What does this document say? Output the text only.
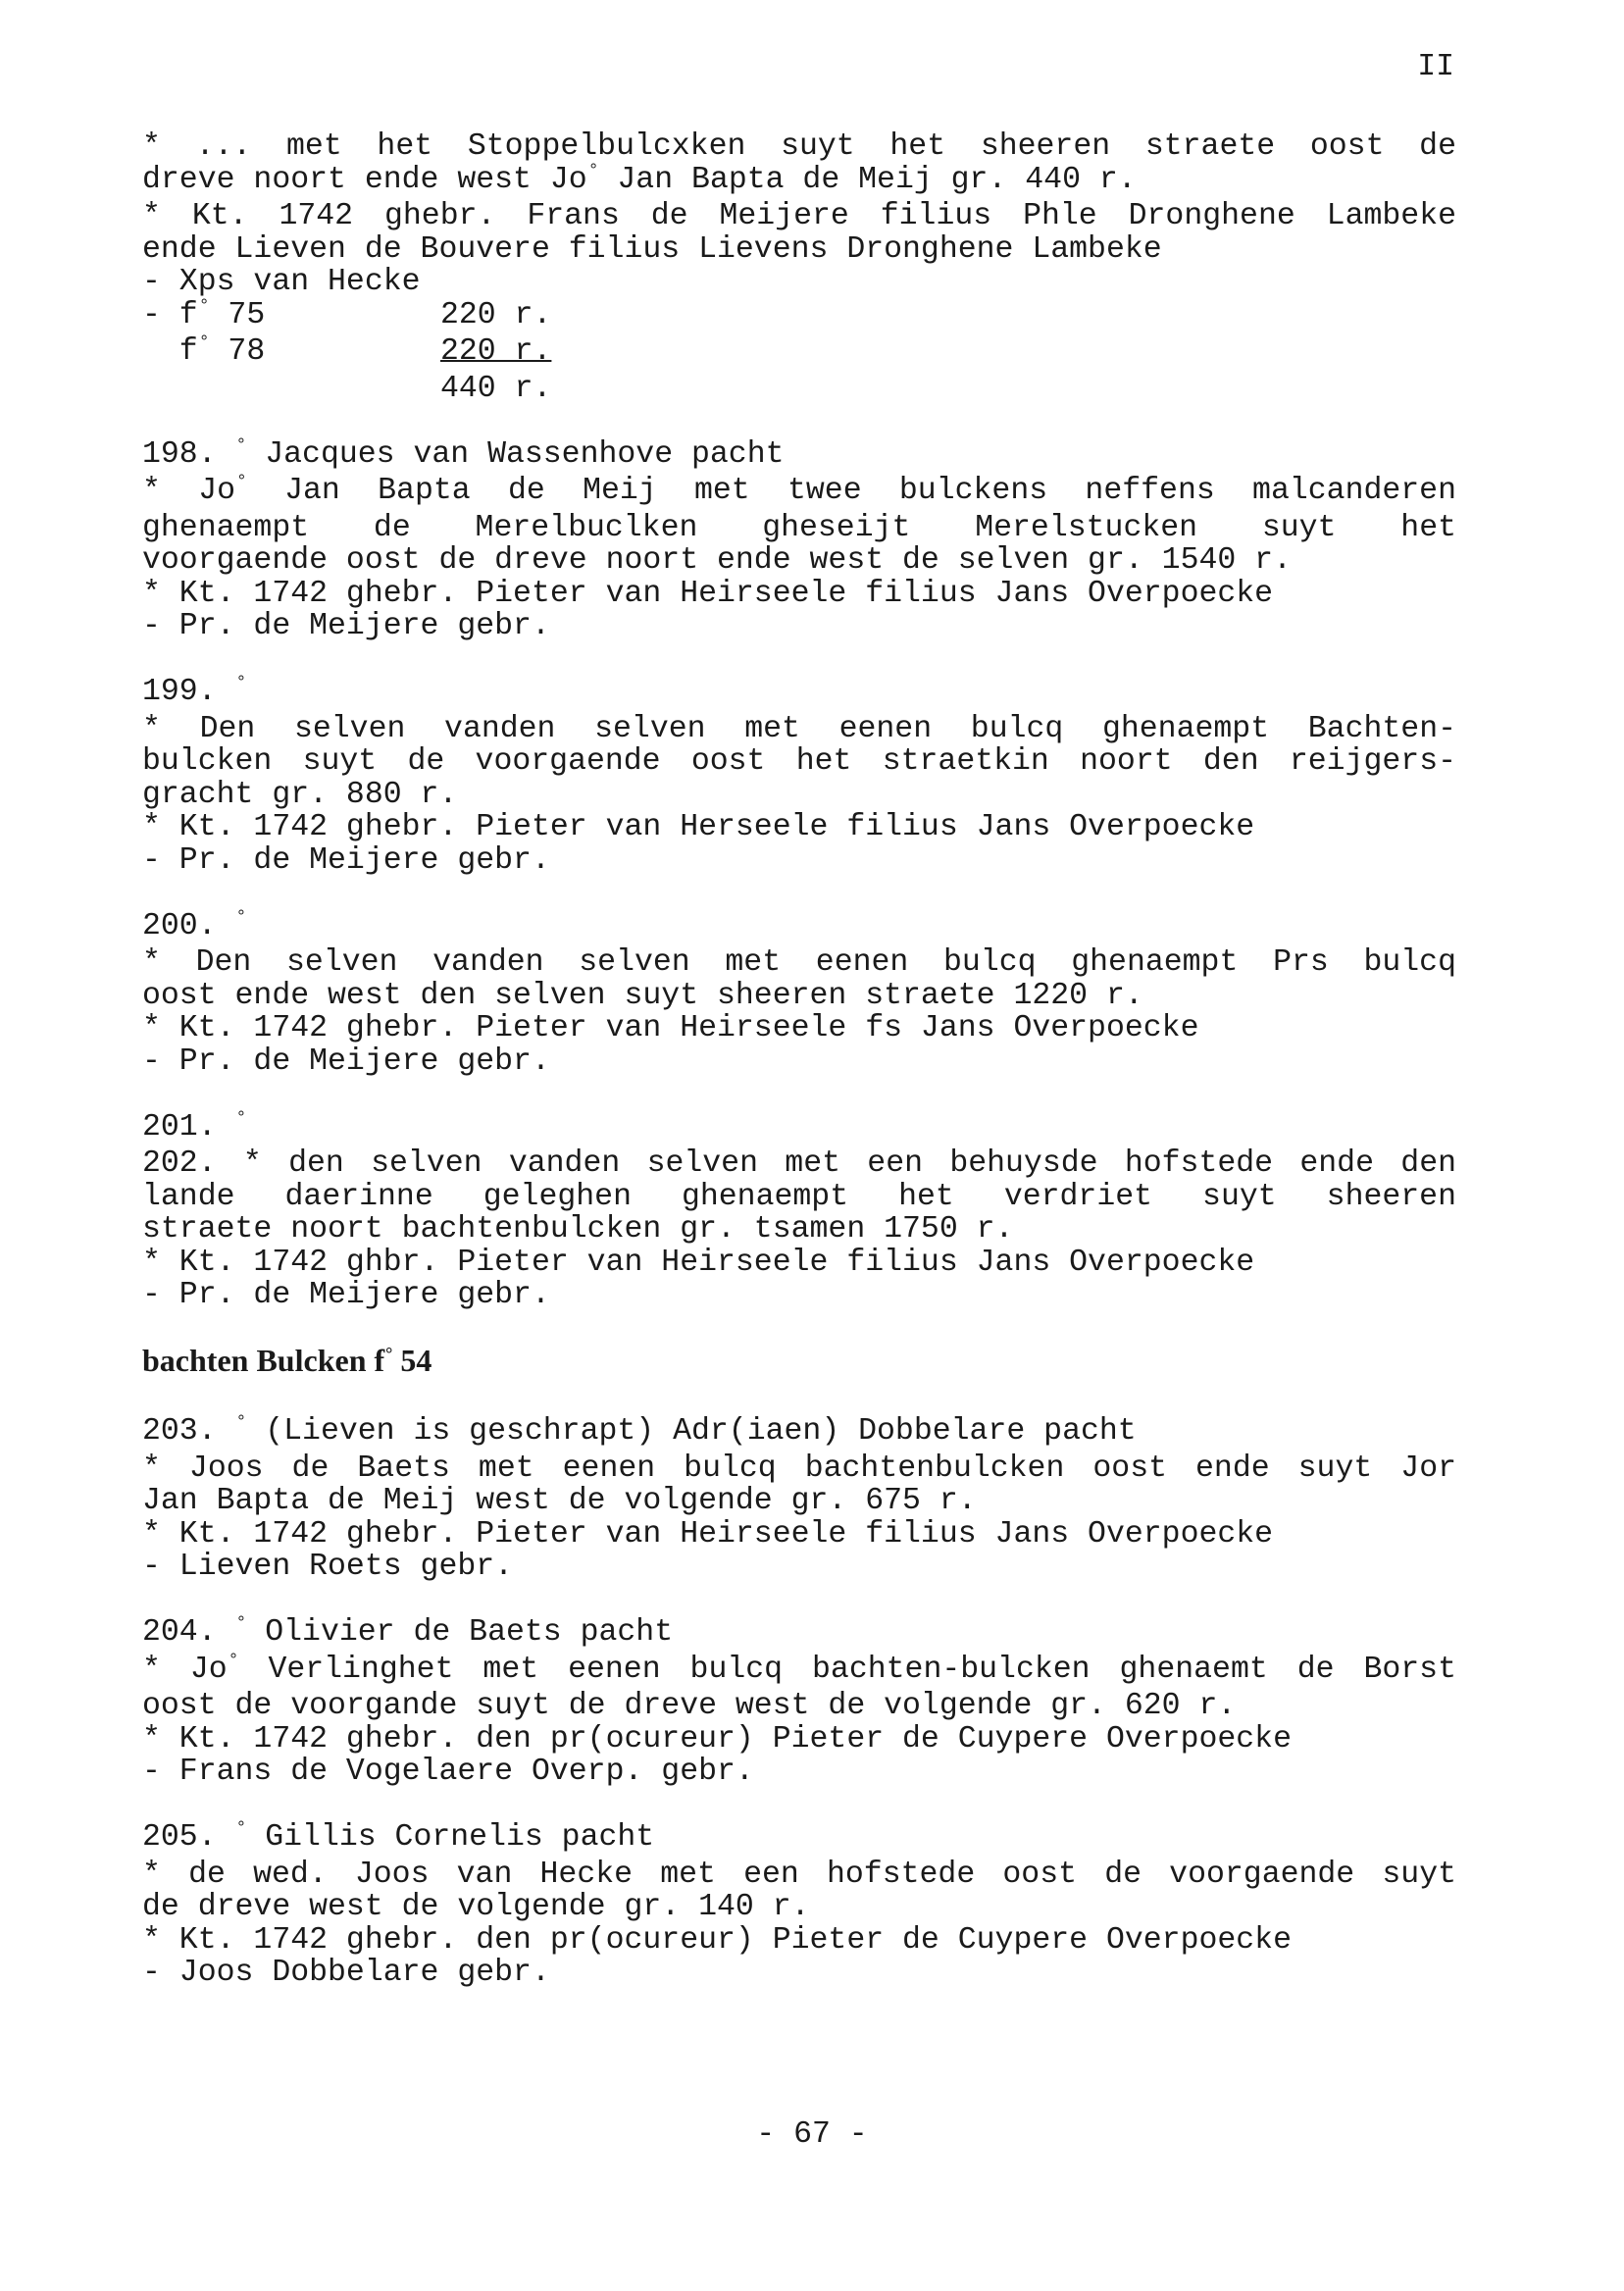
II
* ... met het Stoppelbulcxken suyt het sheeren straete oost de
dreve noort ende west Jo° Jan Bapta de Meij gr. 440 r.
* Kt. 1742 ghebr. Frans de Meijere filius Phle Dronghene Lambeke
ende Lieven de Bouvere filius Lievens Dronghene Lambeke
- Xps van Hecke
- f° 75	220 r.
f° 78	220 r.
440 r.
198. ° Jacques van Wassenhove pacht
* Jo° Jan Bapta de Meij met twee bulckens neffens malcanderen
ghenaempt de Merelbuclken gheseijt Merelstucken suyt het
voorgaende oost de dreve noort ende west de selven gr. 1540 r.
* Kt. 1742 ghebr. Pieter van Heirseele filius Jans Overpoecke
- Pr. de Meijere gebr.
199. °
* Den selven vanden selven met eenen bulcq ghenaempt Bachten-
bulcken suyt de voorgaende oost het straetkin noort den reijgers-
gracht gr. 880 r.
* Kt. 1742 ghebr. Pieter van Herseele filius Jans Overpoecke
- Pr. de Meijere gebr.
200. °
* Den selven vanden selven met eenen bulcq ghenaempt Prs bulcq
oost ende west den selven suyt sheeren straete 1220 r.
* Kt. 1742 ghebr. Pieter van Heirseele fs Jans Overpoecke
- Pr. de Meijere gebr.
201. °
202. * den selven vanden selven met een behuysde hofstede ende den
lande daerinne geleghen ghenaempt het verdriet suyt sheeren
straete noort bachtenbulcken gr. tsamen 1750 r.
* Kt. 1742 ghbr. Pieter van Heirseele filius Jans Overpoecke
- Pr. de Meijere gebr.
bachten Bulcken f° 54
203. ° (Lieven is geschrapt) Adr(iaen) Dobbelare pacht
* Joos de Baets met eenen bulcq bachtenbulcken oost ende suyt Jor
Jan Bapta de Meij west de volgende gr. 675 r.
* Kt. 1742 ghebr. Pieter van Heirseele filius Jans Overpoecke
- Lieven Roets gebr.
204. ° Olivier de Baets pacht
* Jo° Verlinghet met eenen bulcq bachten-bulcken ghenaemt de Borst
oost de voorgande suyt de dreve west de volgende gr. 620 r.
* Kt. 1742 ghebr. den pr(ocureur) Pieter de Cuypere Overpoecke
- Frans de Vogelaere Overp. gebr.
205. ° Gillis Cornelis pacht
* de wed. Joos van Hecke met een hofstede oost de voorgaende suyt
de dreve west de volgende gr. 140 r.
* Kt. 1742 ghebr. den pr(ocureur) Pieter de Cuypere Overpoecke
- Joos Dobbelare gebr.
- 67 -
